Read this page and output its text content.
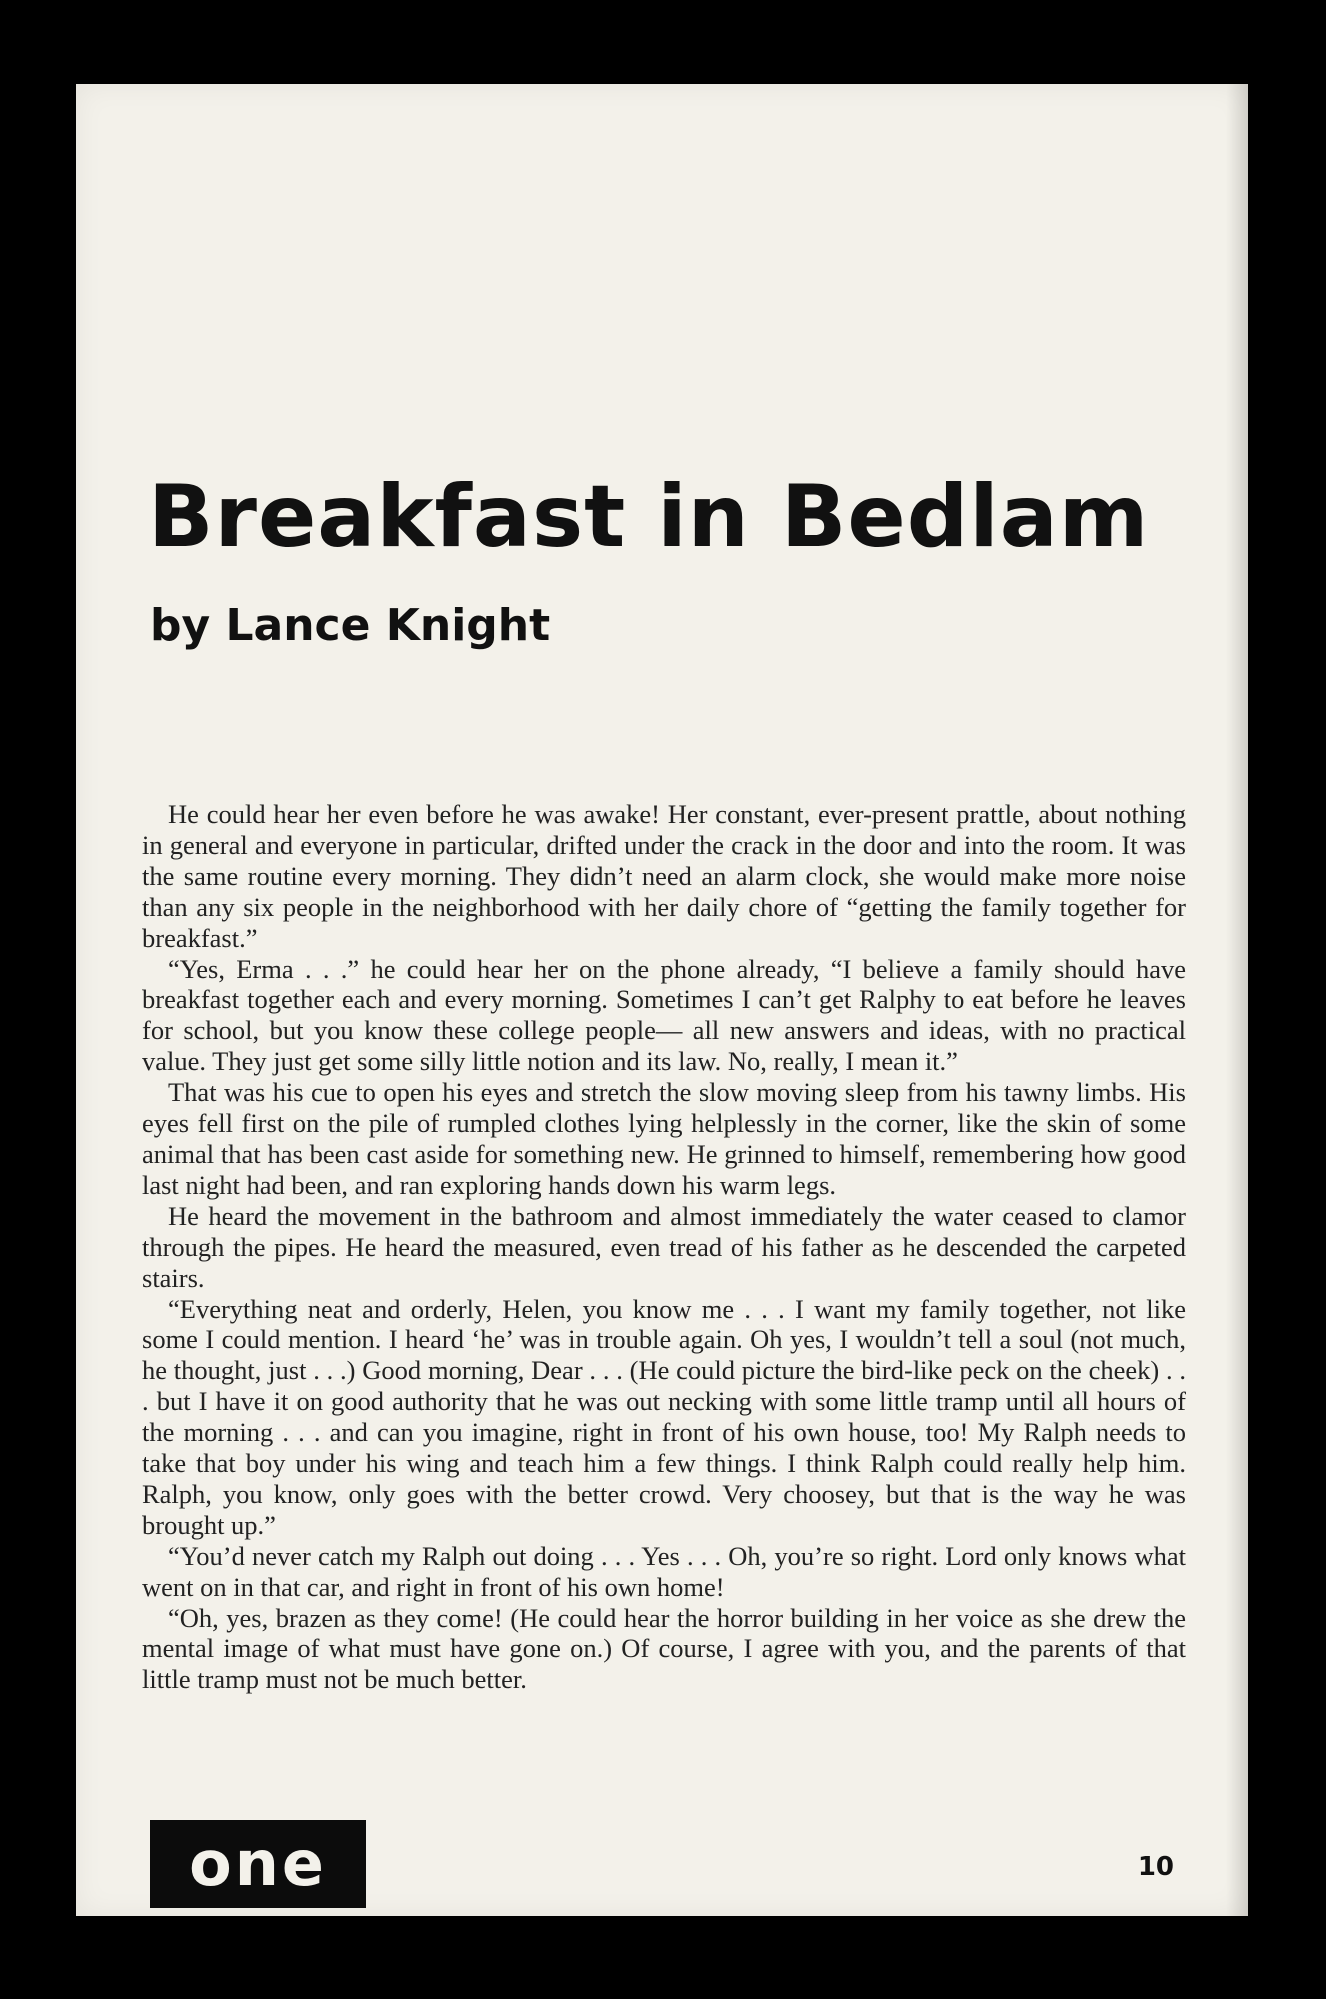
Breakfast in Bedlam
by Lance Knight

He could hear her even before he was awake! Her constant, ever-present prattle, about nothing in general and everyone in particular, drifted under the crack in the door and into the room. It was the same routine every morning. They didn’t need an alarm clock, she would make more noise than any six people in the neighborhood with her daily chore of “getting the family together for breakfast.”

“Yes, Erma . . .” he could hear her on the phone already, “I believe a family should have breakfast together each and every morning. Sometimes I can’t get Ralphy to eat before he leaves for school, but you know these college people— all new answers and ideas, with no practical value. They just get some silly little notion and its law. No, really, I mean it.”

That was his cue to open his eyes and stretch the slow moving sleep from his tawny limbs. His eyes fell first on the pile of rumpled clothes lying helplessly in the corner, like the skin of some animal that has been cast aside for something new. He grinned to himself, remembering how good last night had been, and ran exploring hands down his warm legs.

He heard the movement in the bathroom and almost immediately the water ceased to clamor through the pipes. He heard the measured, even tread of his father as he descended the carpeted stairs.

“Everything neat and orderly, Helen, you know me . . . I want my family together, not like some I could mention. I heard ‘he’ was in trouble again. Oh yes, I wouldn’t tell a soul (not much, he thought, just . . .) Good morning, Dear . . . (He could picture the bird-like peck on the cheek) . . . but I have it on good authority that he was out necking with some little tramp until all hours of the morning . . . and can you imagine, right in front of his own house, too! My Ralph needs to take that boy under his wing and teach him a few things. I think Ralph could really help him. Ralph, you know, only goes with the better crowd. Very choosey, but that is the way he was brought up.”

“You’d never catch my Ralph out doing . . . Yes . . . Oh, you’re so right. Lord only knows what went on in that car, and right in front of his own home!

“Oh, yes, brazen as they come! (He could hear the horror building in her voice as she drew the mental image of what must have gone on.) Of course, I agree with you, and the parents of that little tramp must not be much better.

one	10
